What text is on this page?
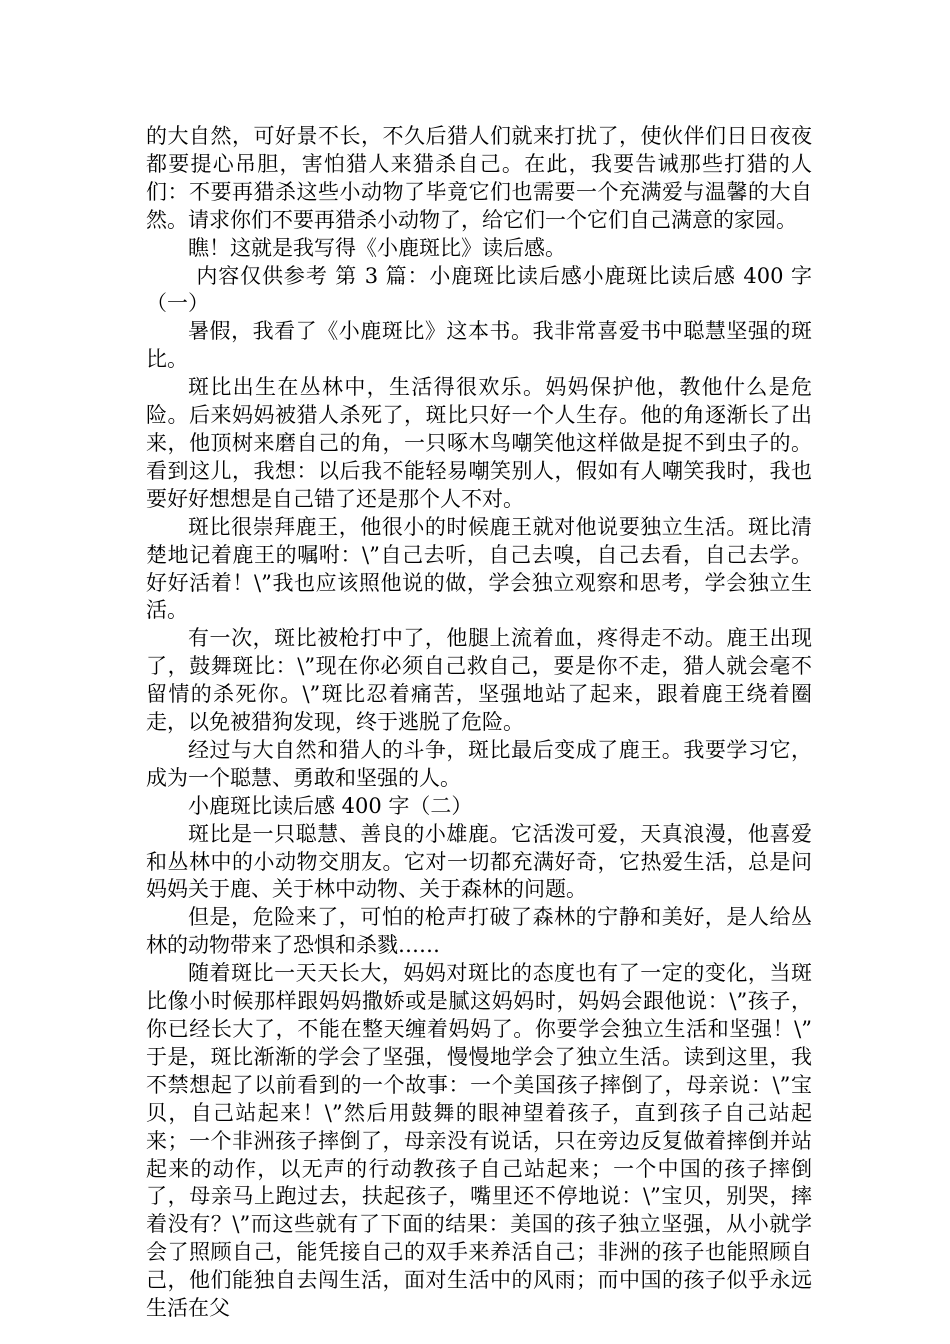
的大自然，可好景不长，不久后猎人们就来打扰了，使伙伴们日日夜夜都要提心吊胆，害怕猎人来猎杀自己。在此，我要告诫那些打猎的人们：不要再猎杀这些小动物了毕竟它们也需要一个充满爱与温馨的大自然。请求你们不要再猎杀小动物了，给它们一个它们自己满意的家园。

瞧！这就是我写得《小鹿斑比》读后感。

内容仅供参考 第 3 篇：小鹿斑比读后感小鹿斑比读后感 400 字（一）

暑假，我看了《小鹿斑比》这本书。我非常喜爱书中聪慧坚强的斑比。

斑比出生在丛林中，生活得很欢乐。妈妈保护他，教他什么是危险。后来妈妈被猎人杀死了，斑比只好一个人生存。他的角逐渐长了出来，他顶树来磨自己的角，一只啄木鸟嘲笑他这样做是捉不到虫子的。看到这儿，我想：以后我不能轻易嘲笑别人，假如有人嘲笑我时，我也要好好想想是自己错了还是那个人不对。

斑比很崇拜鹿王，他很小的时候鹿王就对他说要独立生活。斑比清楚地记着鹿王的嘱咐：\”自己去听，自己去嗅，自己去看，自己去学。好好活着！\”我也应该照他说的做，学会独立观察和思考，学会独立生活。

有一次，斑比被枪打中了，他腿上流着血，疼得走不动。鹿王出现了，鼓舞斑比：\”现在你必须自己救自己，要是你不走，猎人就会毫不留情的杀死你。\”斑比忍着痛苦，坚强地站了起来，跟着鹿王绕着圈走，以免被猎狗发现，终于逃脱了危险。

经过与大自然和猎人的斗争，斑比最后变成了鹿王。我要学习它，成为一个聪慧、勇敢和坚强的人。

小鹿斑比读后感 400 字（二）

斑比是一只聪慧、善良的小雄鹿。它活泼可爱，天真浪漫，他喜爱和丛林中的小动物交朋友。它对一切都充满好奇，它热爱生活，总是问妈妈关于鹿、关于林中动物、关于森林的问题。

但是，危险来了，可怕的枪声打破了森林的宁静和美好，是人给丛林的动物带来了恐惧和杀戮……

随着斑比一天天长大，妈妈对斑比的态度也有了一定的变化，当斑比像小时候那样跟妈妈撒娇或是腻这妈妈时，妈妈会跟他说：\”孩子，你已经长大了，不能在整天缠着妈妈了。你要学会独立生活和坚强！\” 于是，斑比渐渐的学会了坚强，慢慢地学会了独立生活。读到这里，我不禁想起了以前看到的一个故事：一个美国孩子摔倒了，母亲说：\”宝贝，自己站起来！\”然后用鼓舞的眼神望着孩子，直到孩子自己站起来；一个非洲孩子摔倒了，母亲没有说话，只在旁边反复做着摔倒并站起来的动作，以无声的行动教孩子自己站起来；一个中国的孩子摔倒了，母亲马上跑过去，扶起孩子，嘴里还不停地说：\”宝贝，别哭，摔着没有？\”而这些就有了下面的结果：美国的孩子独立坚强，从小就学会了照顾自己，能凭接自己的双手来养活自己；非洲的孩子也能照顾自己，他们能独自去闯生活，面对生活中的风雨；而中国的孩子似乎永远生活在父
